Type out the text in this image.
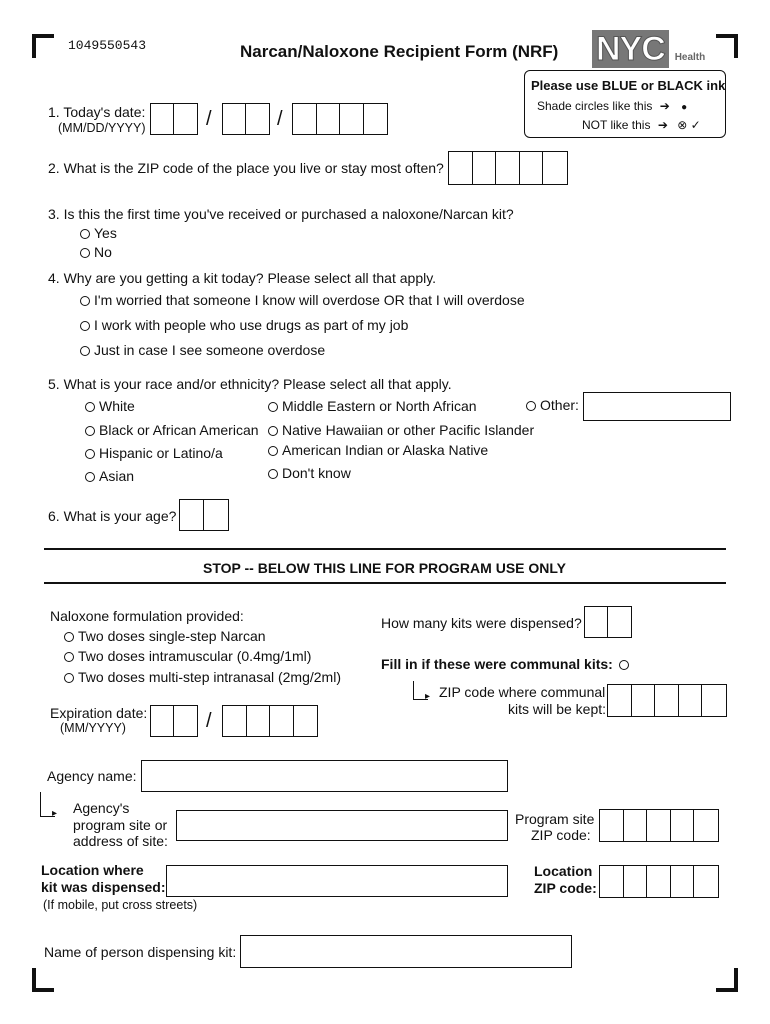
1049550543	Narcan/Naloxone Recipient Form (NRF) NYC Health
Please use BLUE or BLACK ink
Shade circles like this ➔ ●
NOT like this ➔ ⊗ ✓
1. Today's date:
(MM/DD/YYYY)	/	/
2. What is the ZIP code of the place you live or stay most often?
3. Is this the first time you've received or purchased a naloxone/Narcan kit?
Yes
No
4. Why are you getting a kit today? Please select all that apply.
I'm worried that someone I know will overdose OR that I will overdose
I work with people who use drugs as part of my job
Just in case I see someone overdose
5. What is your race and/or ethnicity? Please select all that apply.
White
Black or African American
Hispanic or Latino/a
Asian
Middle Eastern or North African
Native Hawaiian or other Pacific Islander
American Indian or Alaska Native
Don't know
Other:
6. What is your age?
STOP -- BELOW THIS LINE FOR PROGRAM USE ONLY
Naloxone formulation provided:
Two doses single-step Narcan
Two doses intramuscular (0.4mg/1ml)
Two doses multi-step intranasal (2mg/2ml)
How many kits were dispensed?
Fill in if these were communal kits:
▸ ZIP code where communal
kits will be kept:
Expiration date:
(MM/YYYY)	/
Agency name:
▸ Agency's
program site or
address of site:
Program site
ZIP code:
Location where
kit was dispensed:
(If mobile, put cross streets)
Location
ZIP code:
Name of person dispensing kit:
